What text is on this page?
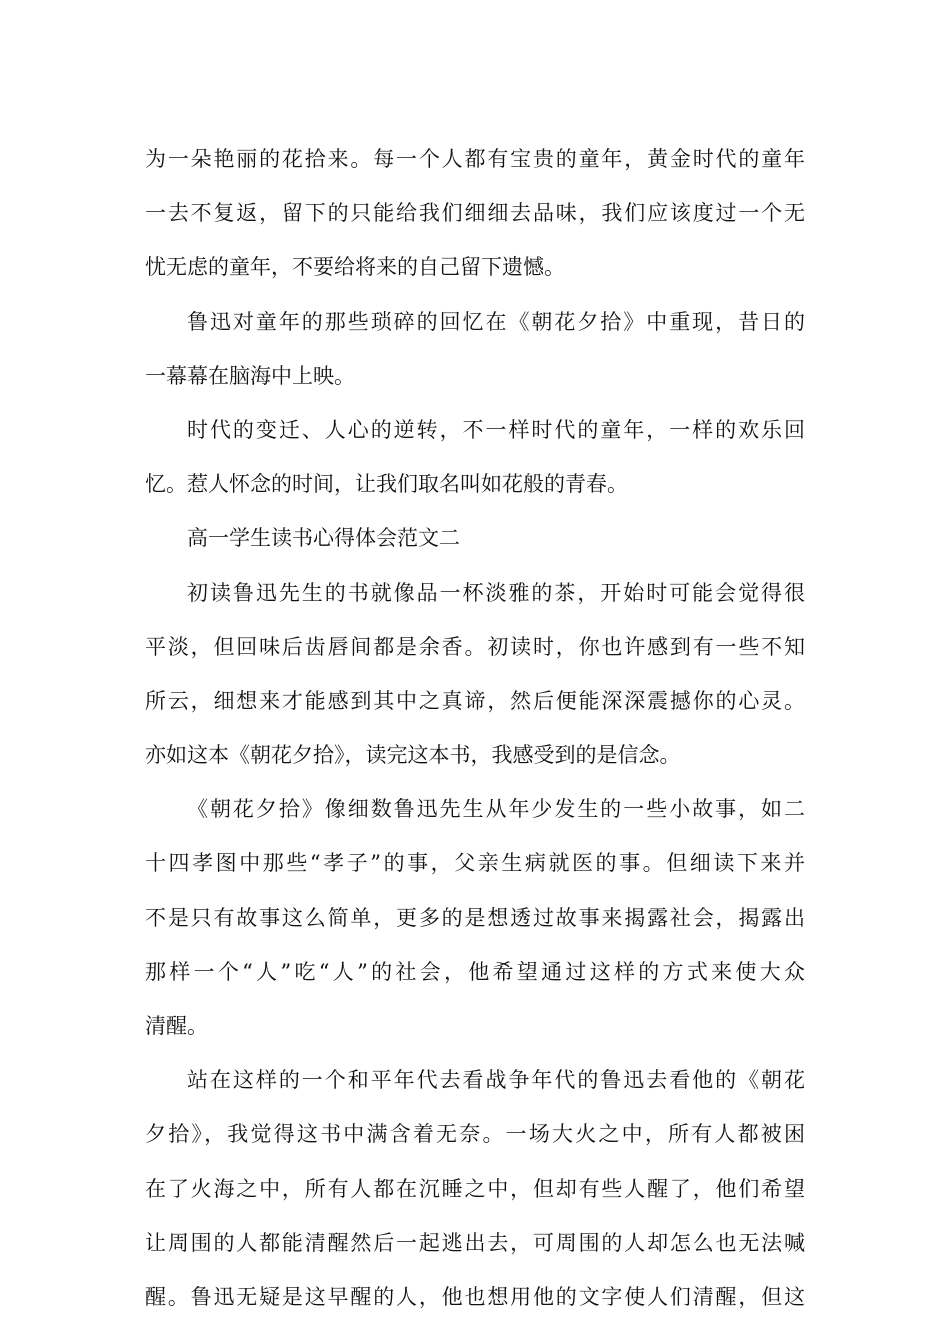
为一朵艳丽的花拾来。每一个人都有宝贵的童年，黄金时代的童年
一去不复返，留下的只能给我们细细去品味，我们应该度过一个无
忧无虑的童年，不要给将来的自己留下遗憾。
鲁迅对童年的那些琐碎的回忆在《朝花夕拾》中重现，昔日的
一幕幕在脑海中上映。
时代的变迁、人心的逆转，不一样时代的童年，一样的欢乐回
忆。惹人怀念的时间，让我们取名叫如花般的青春。
高一学生读书心得体会范文二
初读鲁迅先生的书就像品一杯淡雅的茶，开始时可能会觉得很
平淡，但回味后齿唇间都是余香。初读时，你也许感到有一些不知
所云，细想来才能感到其中之真谛，然后便能深深震撼你的心灵。
亦如这本《朝花夕拾》，读完这本书，我感受到的是信念。
《朝花夕拾》像细数鲁迅先生从年少发生的一些小故事，如二
十四孝图中那些“孝子”的事，父亲生病就医的事。但细读下来并
不是只有故事这么简单，更多的是想透过故事来揭露社会，揭露出
那样一个“人”吃“人”的社会，他希望通过这样的方式来使大众
清醒。
站在这样的一个和平年代去看战争年代的鲁迅去看他的《朝花
夕拾》，我觉得这书中满含着无奈。一场大火之中，所有人都被困
在了火海之中，所有人都在沉睡之中，但却有些人醒了，他们希望
让周围的人都能清醒然后一起逃出去，可周围的人却怎么也无法喊
醒。鲁迅无疑是这早醒的人，他也想用他的文字使人们清醒，但这
